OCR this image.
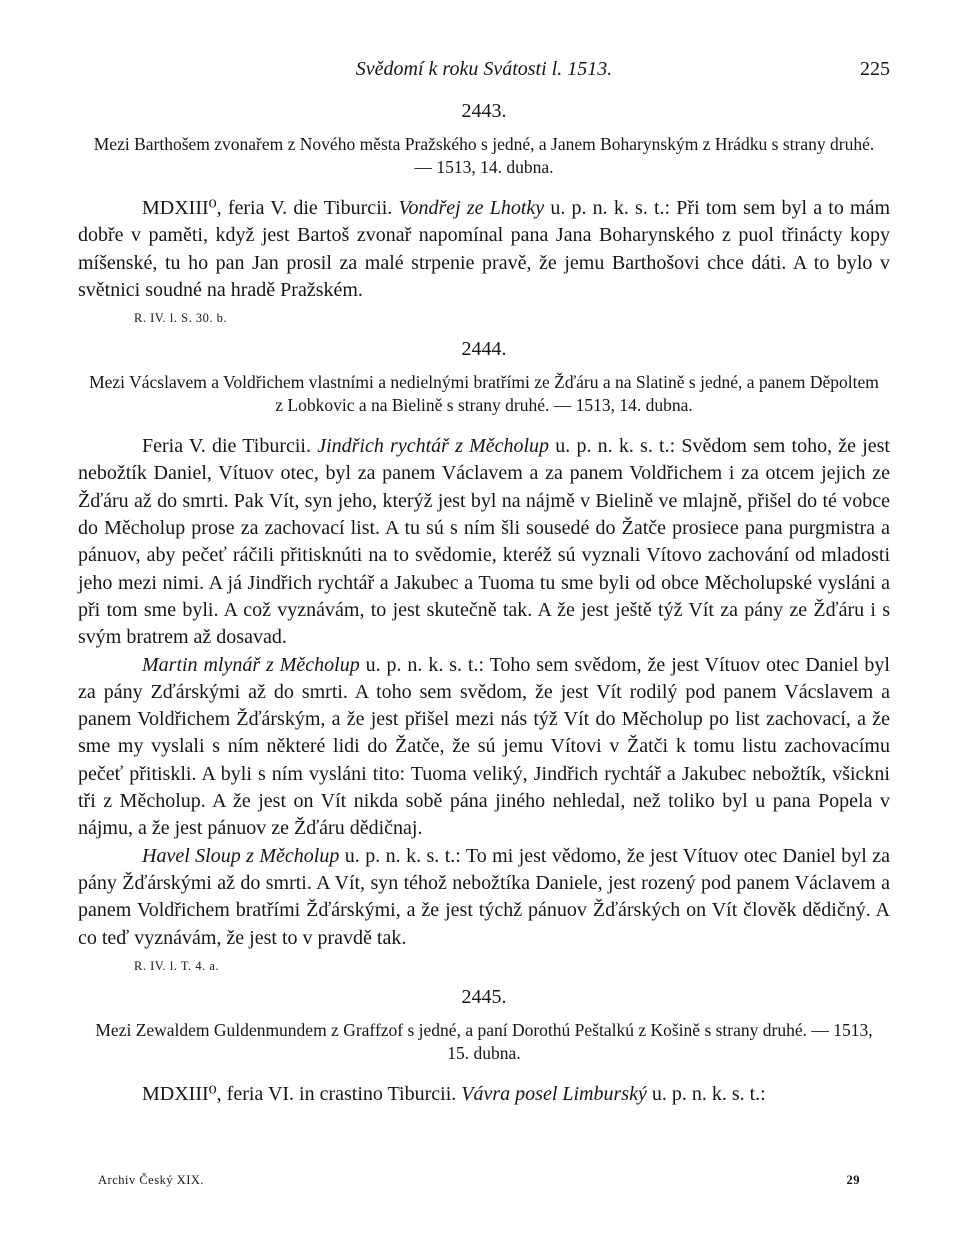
Svědomí k roku Svátosti l. 1513.	225
2443.
Mezi Barthošem zvonařem z Nového města Pražského s jedné, a Janem Boharynským z Hrádku s strany druhé. — 1513, 14. dubna.

MDXIII⁰, feria V. die Tiburcii. Vondřej ze Lhotky u. p. n. k. s. t.: Při tom sem byl a to mám dobře v paměti, když jest Bartoš zvonař napomínal pana Jana Boharynského z puol třinácty kopy míšenské, tu ho pan Jan prosil za malé strpenie pravě, že jemu Barthošovi chce dáti. A to bylo v světnici soudné na hradě Pražském.

R. IV. l. S. 30. b.
2444.
Mezi Vácslavem a Voldřichem vlastními a nedielnými bratřími ze Žďáru a na Slatině s jedné, a panem Děpoltem z Lobkovic a na Bielině s strany druhé. — 1513, 14. dubna.

Feria V. die Tiburcii. Jindřich rychtář z Měcholup u. p. n. k. s. t.: Svědom sem toho, že jest nebožtík Daniel, Vítuov otec, byl za panem Václavem a za panem Voldřichem i za otcem jejich ze Žďáru až do smrti. Pak Vít, syn jeho, kterýž jest byl na nájmě v Bielině ve mlajně, přišel do té vobce do Měcholup prose za zachovací list. A tu sú s ním šli sousedé do Žatče prosiece pana purgmistra a pánuov, aby pečeť ráčili přitisknúti na to svědomie, kteréž sú vyznali Vítovo zachování od mladosti jeho mezi nimi. A já Jindřich rychtář a Jakubec a Tuoma tu sme byli od obce Měcholupské vysláni a při tom sme byli. A což vyznávám, to jest skutečně tak. A že jest ještě týž Vít za pány ze Žďáru i s svým bratrem až dosavad.

Martin mlynář z Měcholup u. p. n. k. s. t.: Toho sem svědom, že jest Vítuov otec Daniel byl za pány Zďárskými až do smrti. A toho sem svědom, že jest Vít rodilý pod panem Vácslavem a panem Voldřichem Žďárským, a že jest přišel mezi nás týž Vít do Měcholup po list zachovací, a že sme my vyslali s ním některé lidi do Žatče, že sú jemu Vítovi v Žatči k tomu listu zachovacímu pečeť přitiskli. A byli s ním vysláni tito: Tuoma veliký, Jindřich rychtář a Jakubec nebožtík, všickni tři z Měcholup. A že jest on Vít nikda sobě pána jiného nehledal, než toliko byl u pana Popela v nájmu, a že jest pánuov ze Žďáru dědičnaj.

Havel Sloup z Měcholup u. p. n. k. s. t.: To mi jest vědomo, že jest Vítuov otec Daniel byl za pány Žďárskými až do smrti. A Vít, syn téhož nebožtíka Daniele, jest rozený pod panem Václavem a panem Voldřichem bratřími Žďárskými, a že jest týchž pánuov Žďárských on Vít člověk dědičný. A co teď vyznávám, že jest to v pravdě tak.

R. IV. l. T. 4. a.
2445.
Mezi Zewaldem Guldenmundem z Graffzof s jedné, a paní Dorothú Peštalkú z Košině s strany druhé. — 1513, 15. dubna.

MDXIII⁰, feria VI. in crastino Tiburcii. Vávra posel Limburský u. p. n. k. s. t.:

Archiv Český XIX.	29
